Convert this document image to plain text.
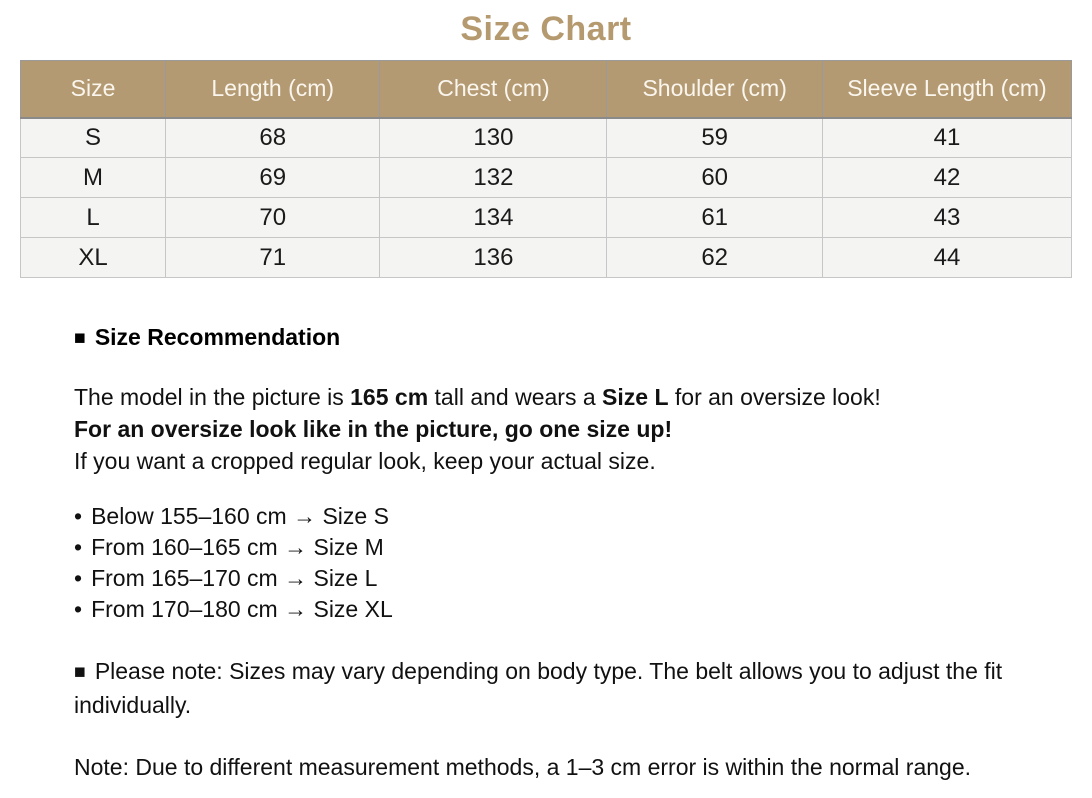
Size Chart
Size	Length (cm)	Chest (cm)	Shoulder (cm)	Sleeve Length (cm)
S	68	130	59	41
M	69	132	60	42
L	70	134	61	43
XL	71	136	62	44
■ Size Recommendation
The model in the picture is 165 cm tall and wears a Size L for an oversize look!
For an oversize look like in the picture, go one size up!
If you want a cropped regular look, keep your actual size.
• Below 155–160 cm → Size S
• From 160–165 cm → Size M
• From 165–170 cm → Size L
• From 170–180 cm → Size XL

■ Please note: Sizes may vary depending on body type. The belt allows you to adjust the fit individually.

Note: Due to different measurement methods, a 1–3 cm error is within the normal range.
